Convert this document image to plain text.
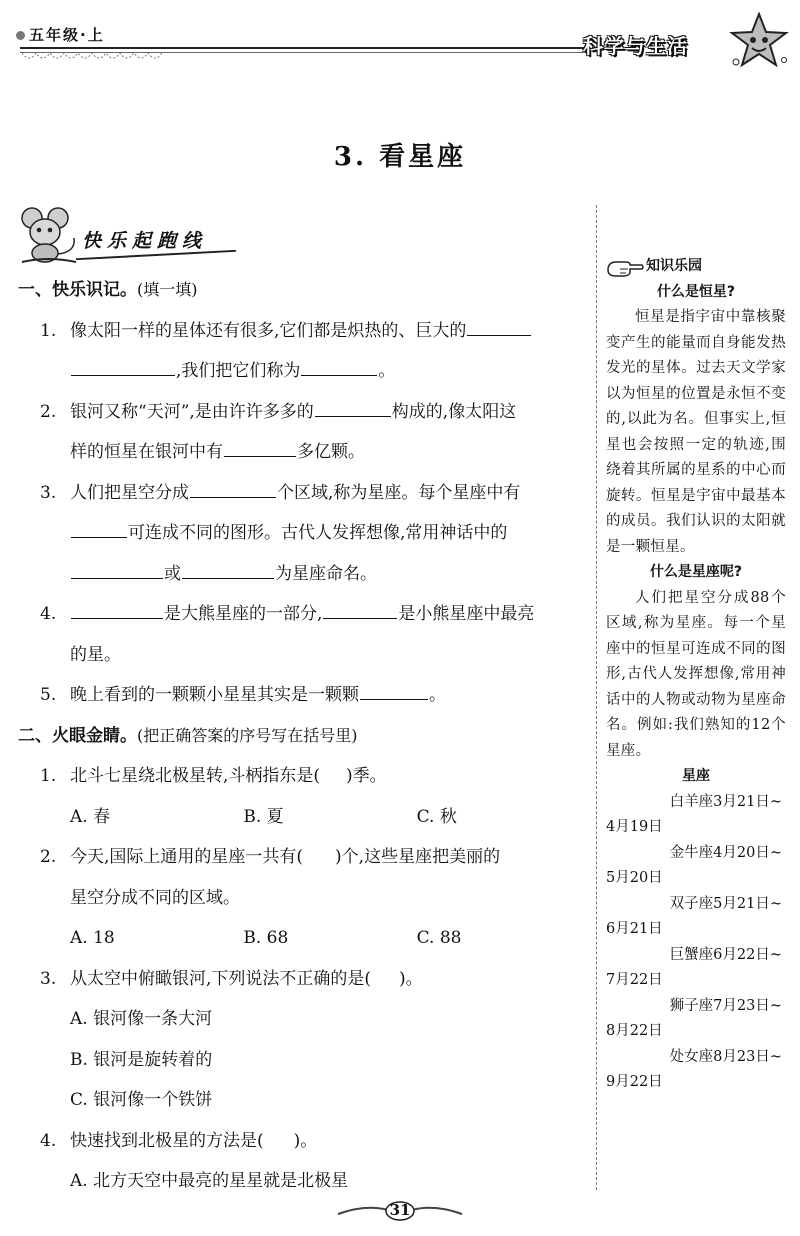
五年级·上	科学与生活
3. 看星座
快乐起跑线

一、快乐识记。(填一填)

1. 像太阳一样的星体还有很多,它们都是炽热的、巨大的

,我们把它们称为	。

2. 银河又称“天河”,是由许许多多的	构成的,像太阳这

样的恒星在银河中有	多亿颗。

3. 人们把星空分成	个区域,称为星座。每个星座中有

可连成不同的图形。古代人发挥想像,常用神话中的

或	为星座命名。

4.	是大熊星座的一部分,	是小熊星座中最亮

的星。

5. 晚上看到的一颗颗小星星其实是一颗颗	。

二、火眼金睛。(把正确答案的序号写在括号里)

1. 北斗七星绕北极星转,斗柄指东是( )季。

A. 春	B. 夏	C. 秋

2. 今天,国际上通用的星座一共有( )个,这些星座把美丽的

星空分成不同的区域。

A. 18	B. 68	C. 88

3. 从太空中俯瞰银河,下列说法不正确的是( )。

A. 银河像一条大河

B. 银河是旋转着的

C. 银河像一个铁饼

4. 快速找到北极星的方法是( )。

A. 北方天空中最亮的星星就是北极星

知识乐园

什么是恒星?

恒星是指宇宙中靠核聚变产生的能量而自身能发热发光的星体。过去天文学家以为恒星的位置是永恒不变的,以此为名。但事实上,恒星也会按照一定的轨迹,围绕着其所属的星系的中心而旋转。恒星是宇宙中最基本的成员。我们认识的太阳就是一颗恒星。

什么是星座呢?

人们把星空分成88个区域,称为星座。每一个星座中的恒星可连成不同的图形,古代人发挥想像,常用神话中的人物或动物为星座命名。例如:我们熟知的12个星座。

星座

白羊座3月21日~

4月19日

金牛座4月20日~

5月20日

双子座5月21日~

6月21日

巨蟹座6月22日~

7月22日

狮子座7月23日~

8月22日

处女座8月23日~

9月22日

31
